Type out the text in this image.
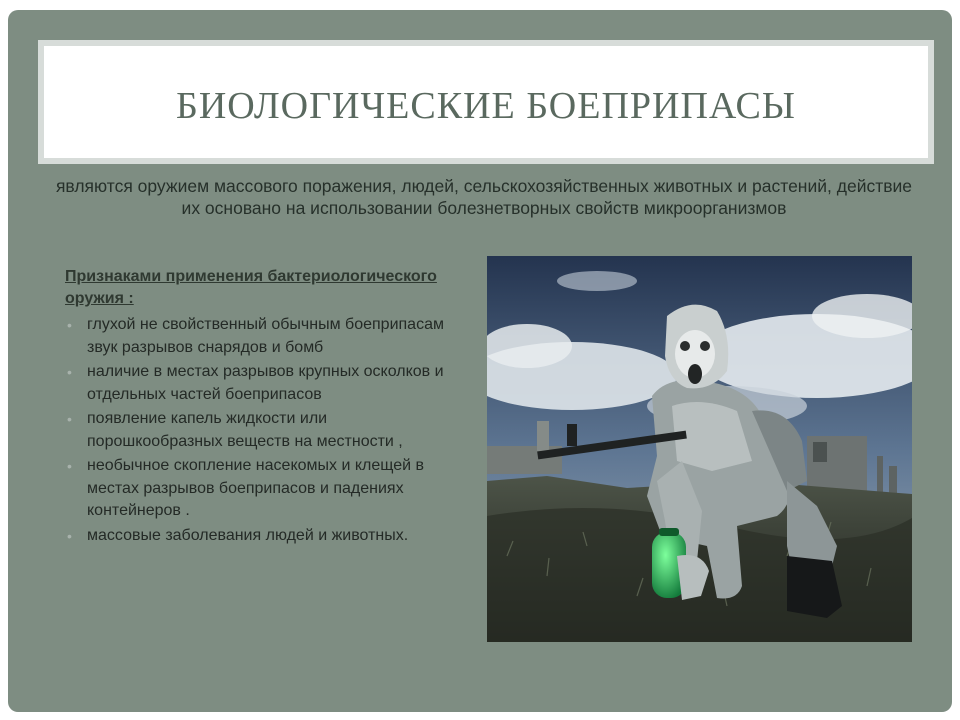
БИОЛОГИЧЕСКИЕ БОЕПРИПАСЫ
являются оружием массового поражения, людей, сельскохозяйственных животных и растений, действие их основано на использовании болезнетворных свойств микроорганизмов
Признаками применения бактериологического оружия :
• глухой не свойственный обычным боеприпасам звук разрывов снарядов и бомб
• наличие в местах разрывов крупных осколков и отдельных частей боеприпасов
• появление капель жидкости или порошкообразных веществ на местности ,
• необычное скопление насекомых и клещей в местах разрывов боеприпасов и падениях контейнеров .
• массовые заболевания людей и животных.
